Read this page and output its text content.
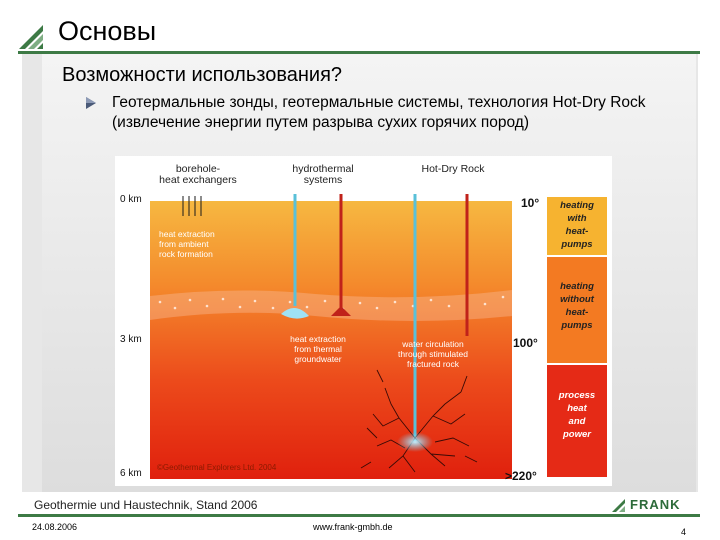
Основы
Возможности использования?
Геотермальные зонды, геотермальные системы, технология Hot-Dry Rock (извлечение энергии путем разрыва сухих горячих пород)
borehole-
heat exchangers
hydrothermal
systems
Hot-Dry Rock
0 km
3 km
6 km
heat extraction
from ambient
rock formation
heat extraction
from thermal
groundwater
water circulation
through stimulated
fractured rock
10°
100°
>220°
heating
with
heat-
pumps
heating
without
heat-
pumps
process
heat
and
power
©Geothermal Explorers Ltd. 2004
Geothermie und Haustechnik, Stand 2006	FRANK
24.08.2006	www.frank-gmbh.de	4
